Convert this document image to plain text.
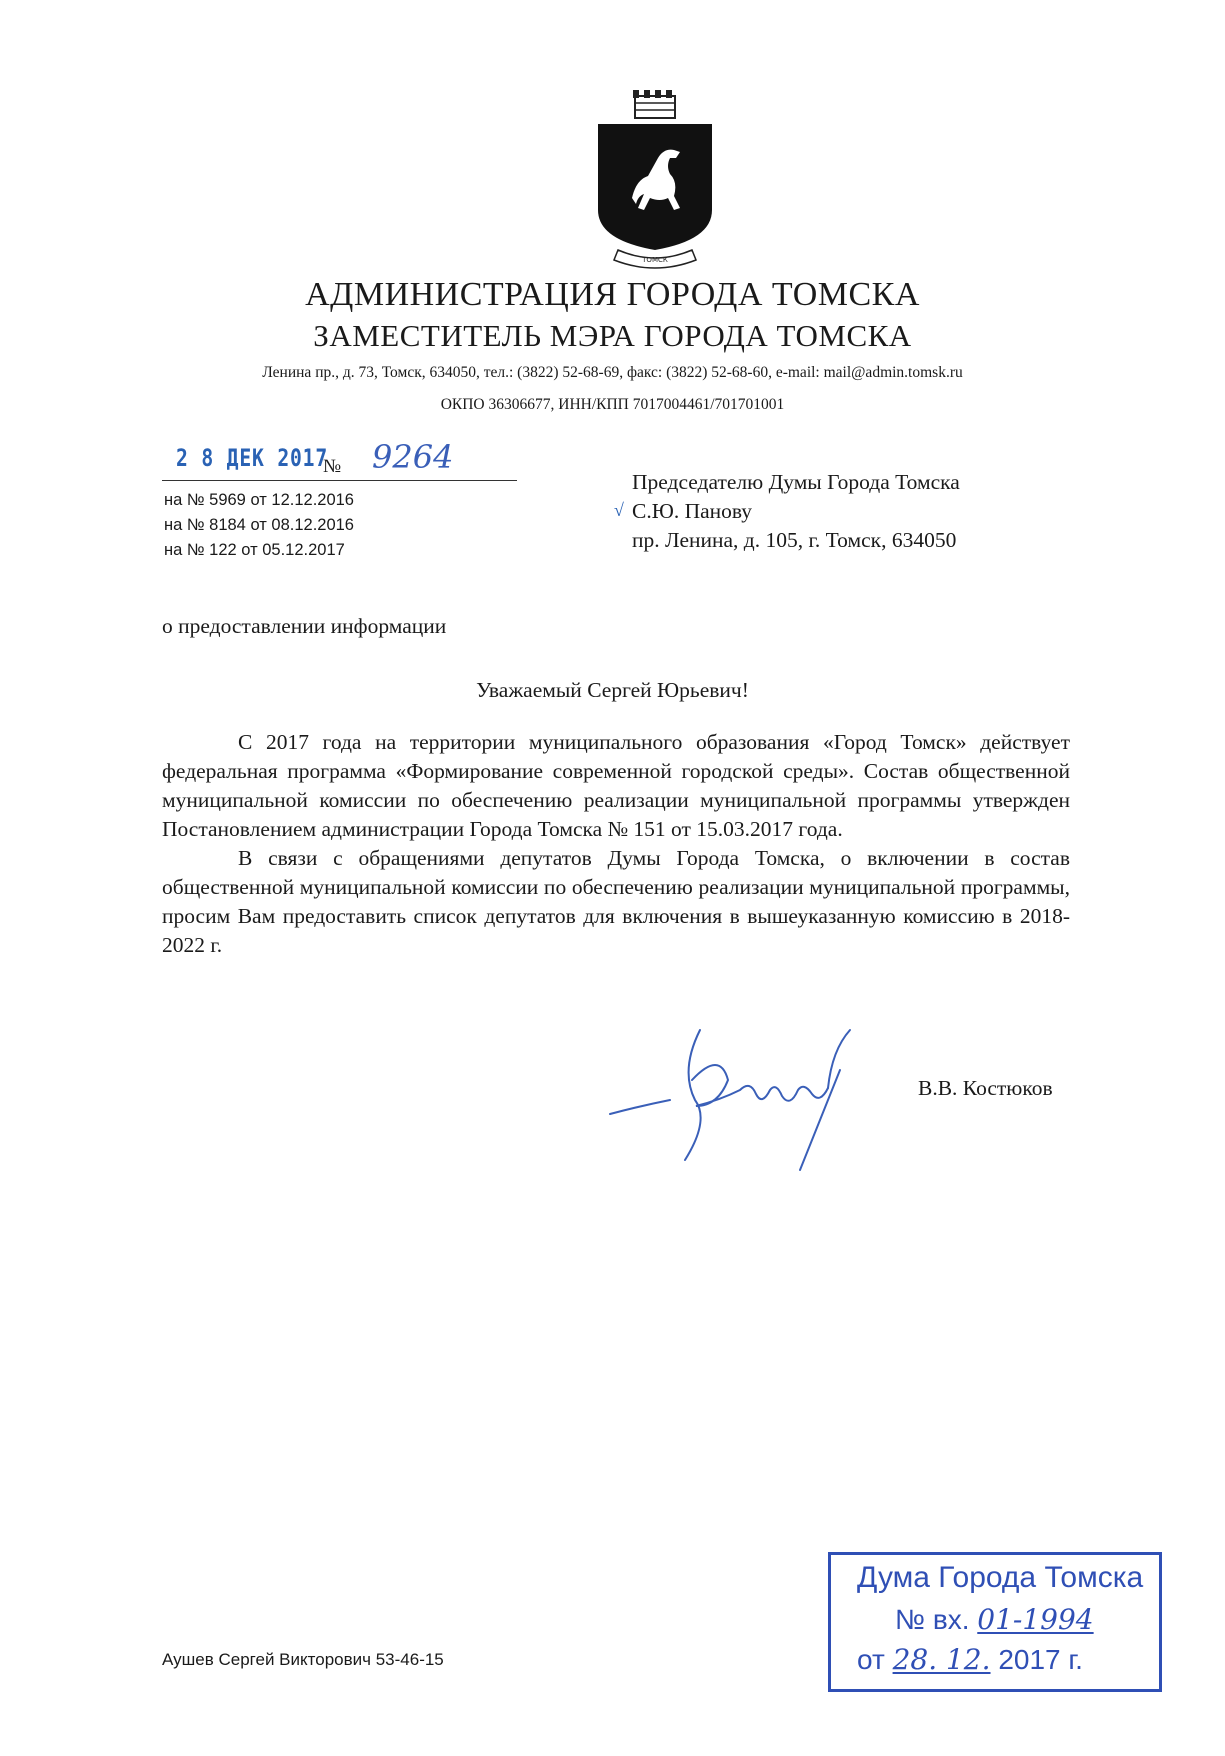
ТОМСК
АДМИНИСТРАЦИЯ ГОРОДА ТОМСКА
ЗАМЕСТИТЕЛЬ МЭРА ГОРОДА ТОМСКА
Ленина пр., д. 73, Томск, 634050, тел.: (3822) 52-68-69, факс: (3822) 52-68-60, e-mail: mail@admin.tomsk.ru
ОКПО 36306677, ИНН/КПП 7017004461/701701001
2 8 ДЕК 2017
№ 9264
на № 5969 от 12.12.2016
на № 8184 от 08.12.2016
на № 122 от 05.12.2017
√
Председателю Думы Города Томска
С.Ю. Панову
пр. Ленина, д. 105, г. Томск, 634050
о предоставлении информации
Уважаемый Сергей Юрьевич!

С 2017 года на территории муниципального образования «Город Томск» действует федеральная программа «Формирование современной городской среды». Состав общественной муниципальной комиссии по обеспечению реализации муниципальной программы утвержден Постановлением администрации Города Томска № 151 от 15.03.2017 года.

В связи с обращениями депутатов Думы Города Томска, о включении в состав общественной муниципальной комиссии по обеспечению реализации муниципальной программы, просим Вам предоставить список депутатов для включения в вышеуказанную комиссию в 2018-2022 г.

В.В. Костюков
Дума Города Томска
№ вх. 01-1994
от 28. 12. 2017 г.
Аушев Сергей Викторович 53-46-15
